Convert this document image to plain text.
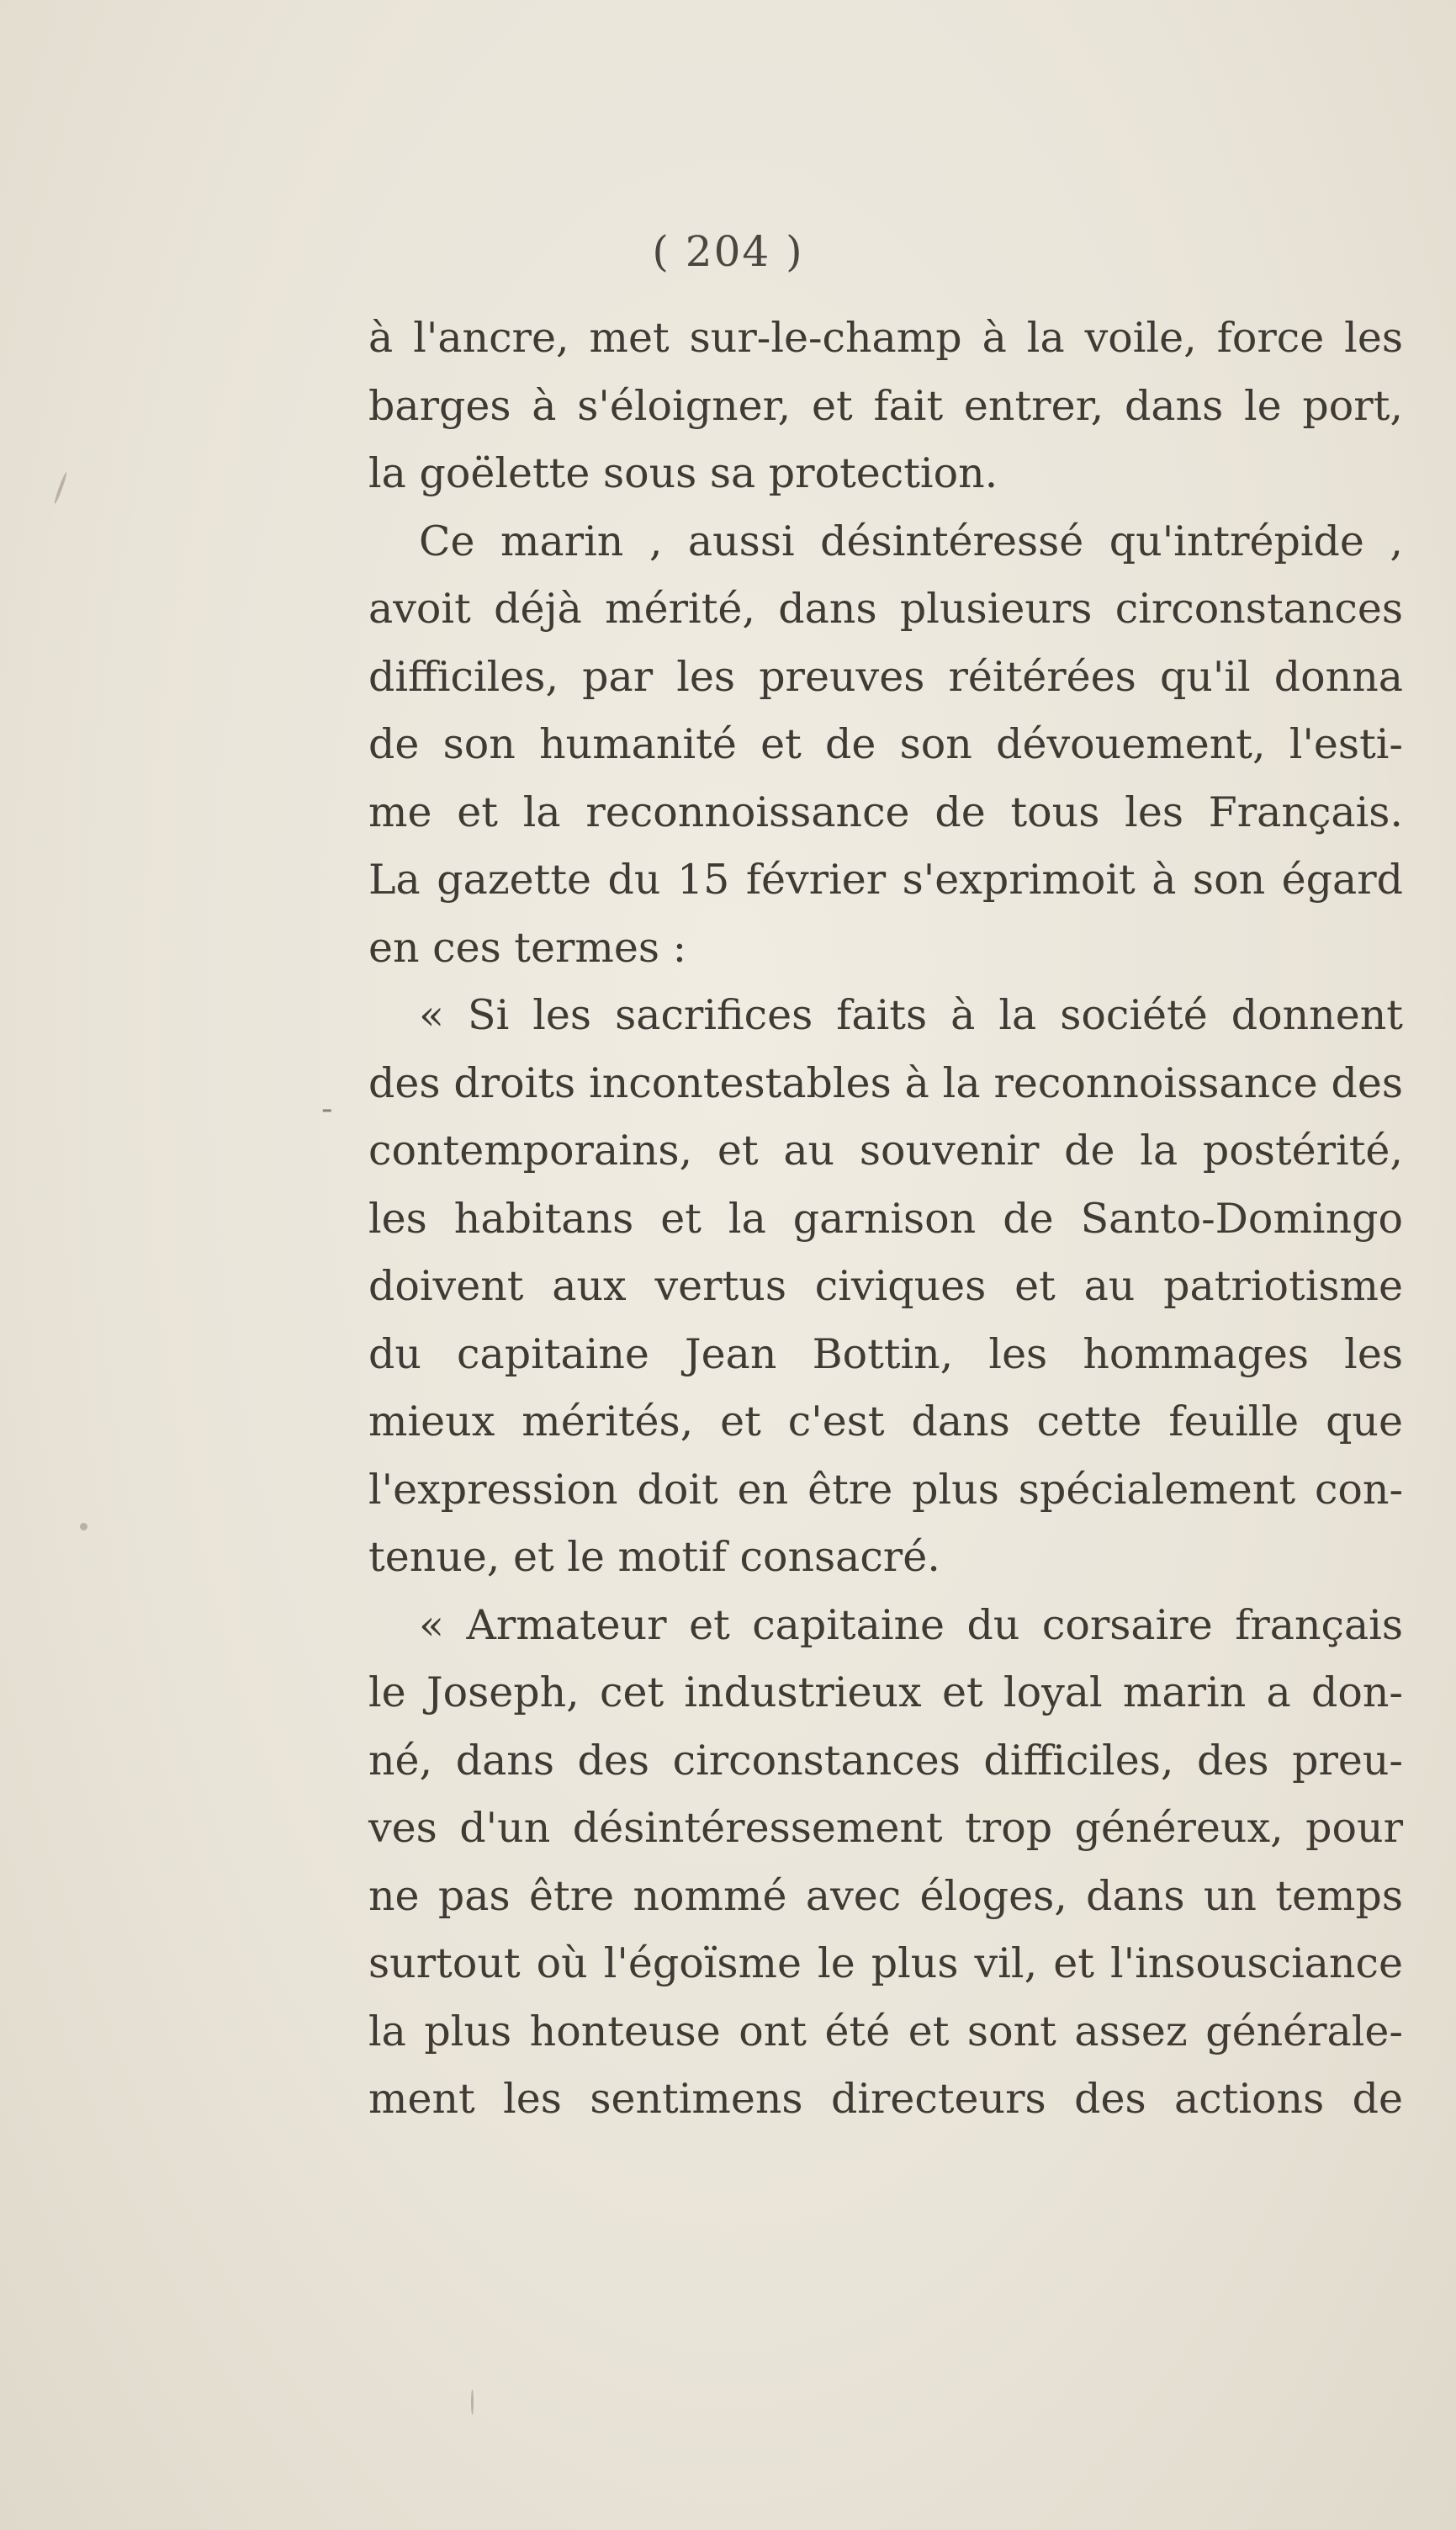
( 204 )
-
à l'ancre, met sur-le-champ à la voile, force les
barges à s'éloigner, et fait entrer, dans le port,
la goëlette sous sa protection.
Ce marin , aussi désintéressé qu'intrépide ,
avoit déjà mérité, dans plusieurs circonstances
difficiles, par les preuves réitérées qu'il donna
de son humanité et de son dévouement, l'esti-
me et la reconnoissance de tous les Français.
La gazette du 15 février s'exprimoit à son égard
en ces termes :
« Si les sacrifices faits à la société donnent
des droits incontestables à la reconnoissance des
contemporains, et au souvenir de la postérité,
les habitans et la garnison de Santo-Domingo
doivent aux vertus civiques et au patriotisme
du capitaine Jean Bottin, les hommages les
mieux mérités, et c'est dans cette feuille que
l'expression doit en être plus spécialement con-
tenue, et le motif consacré.
« Armateur et capitaine du corsaire français
le Joseph, cet industrieux et loyal marin a don-
né, dans des circonstances difficiles, des preu-
ves d'un désintéressement trop généreux, pour
ne pas être nommé avec éloges, dans un temps
surtout où l'égoïsme le plus vil, et l'insousciance
la plus honteuse ont été et sont assez générale-
ment les sentimens directeurs des actions de
